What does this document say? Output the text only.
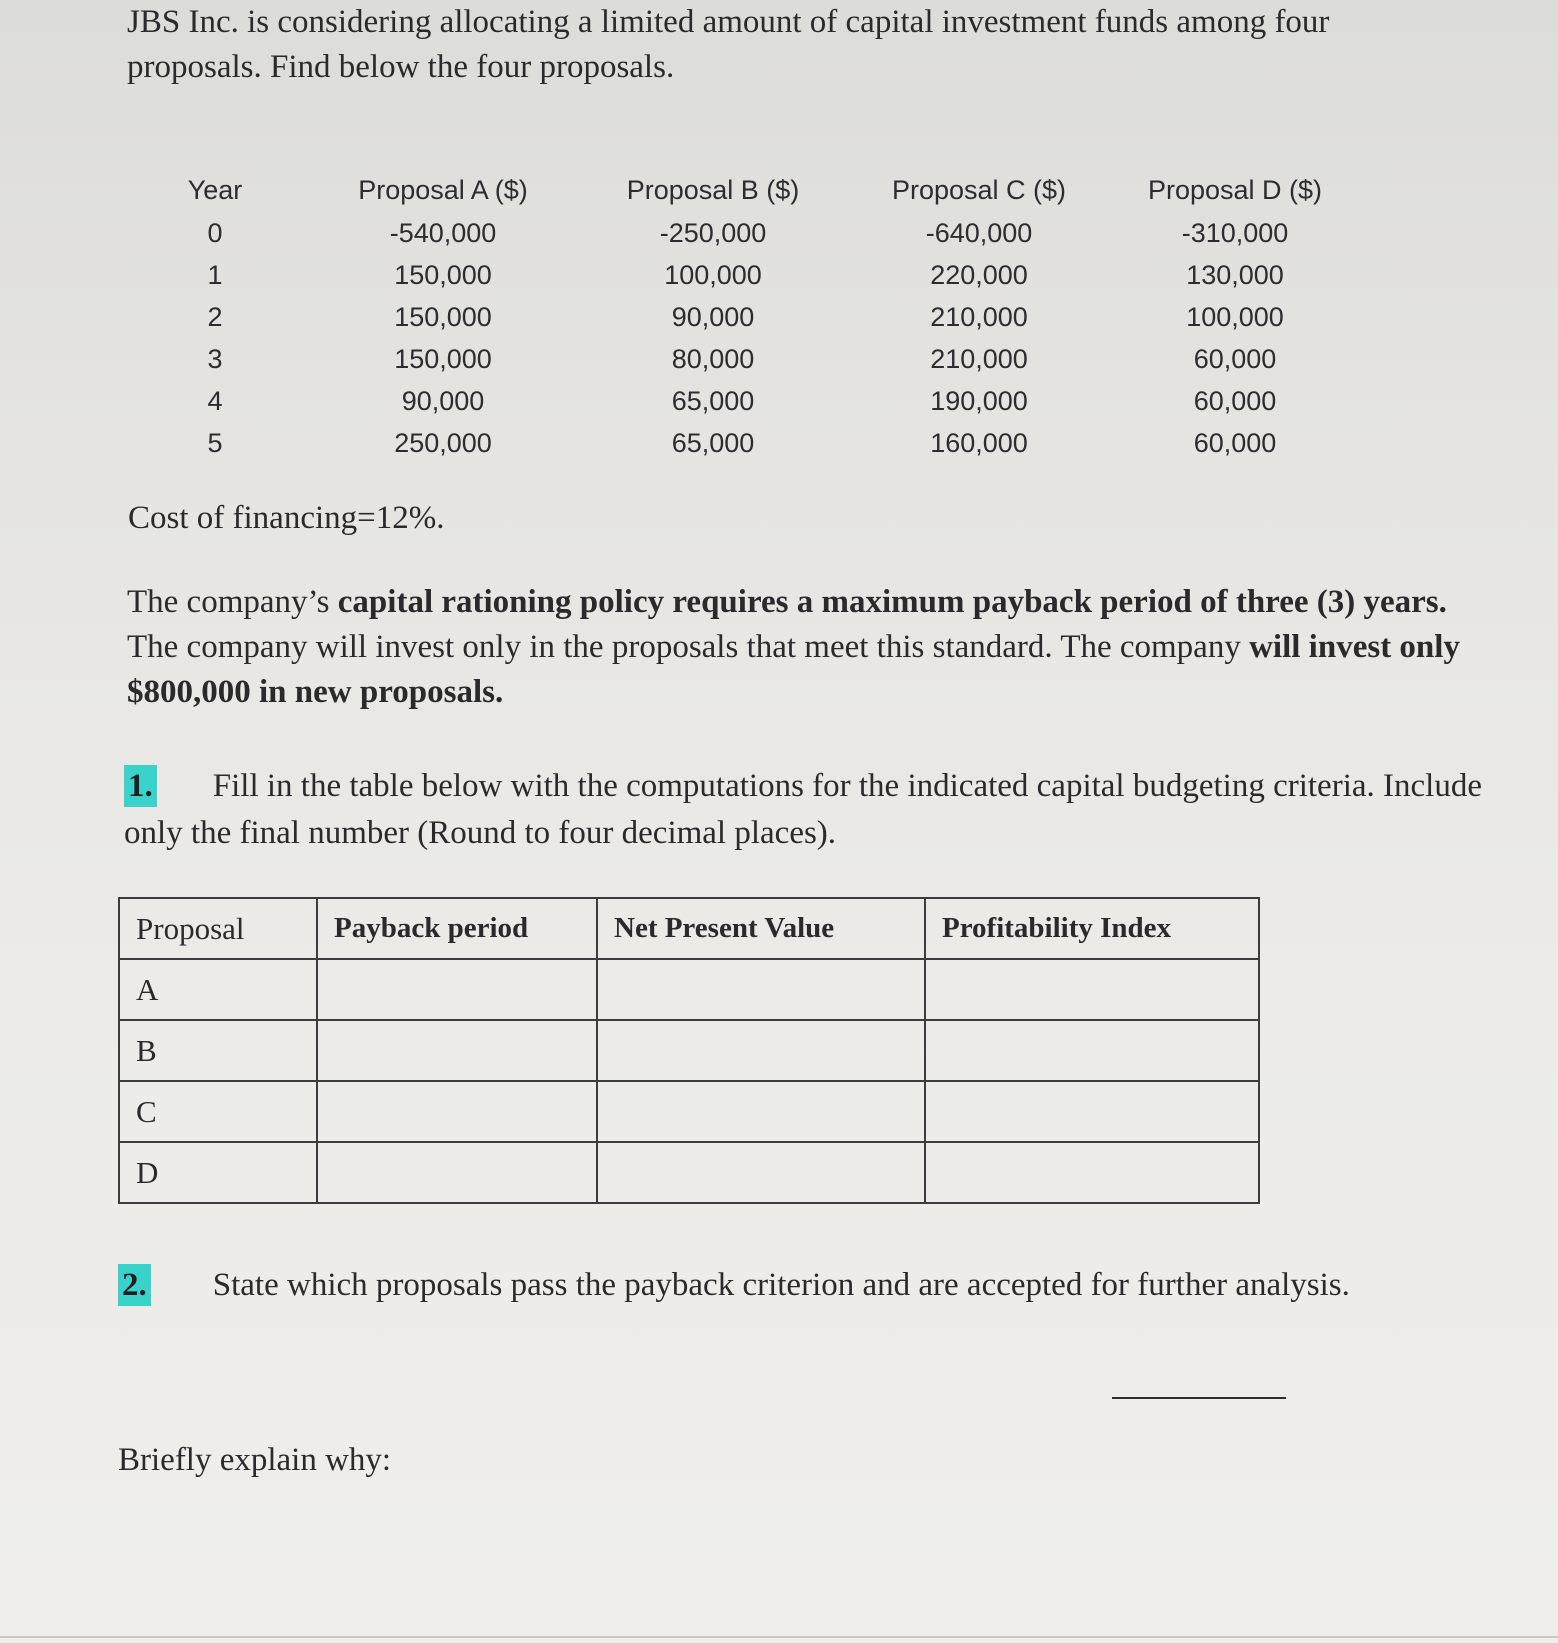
JBS Inc. is considering allocating a limited amount of capital investment funds among four proposals. Find below the four proposals.
Year	Proposal A ($)	Proposal B ($)	Proposal C ($)	Proposal D ($)
0	-540,000	-250,000	-640,000	-310,000
1	150,000	100,000	220,000	130,000
2	150,000	90,000	210,000	100,000
3	150,000	80,000	210,000	60,000
4	90,000	65,000	190,000	60,000
5	250,000	65,000	160,000	60,000
Cost of financing=12%.
The company’s capital rationing policy requires a maximum payback period of three (3) years. The company will invest only in the proposals that meet this standard. The company will invest only $800,000 in new proposals.
1. Fill in the table below with the computations for the indicated capital budgeting criteria. Include only the final number (Round to four decimal places).
Proposal	Payback period	Net Present Value	Profitability Index
A			
B			
C			
D			
2. State which proposals pass the payback criterion and are accepted for further analysis.
Briefly explain why:
